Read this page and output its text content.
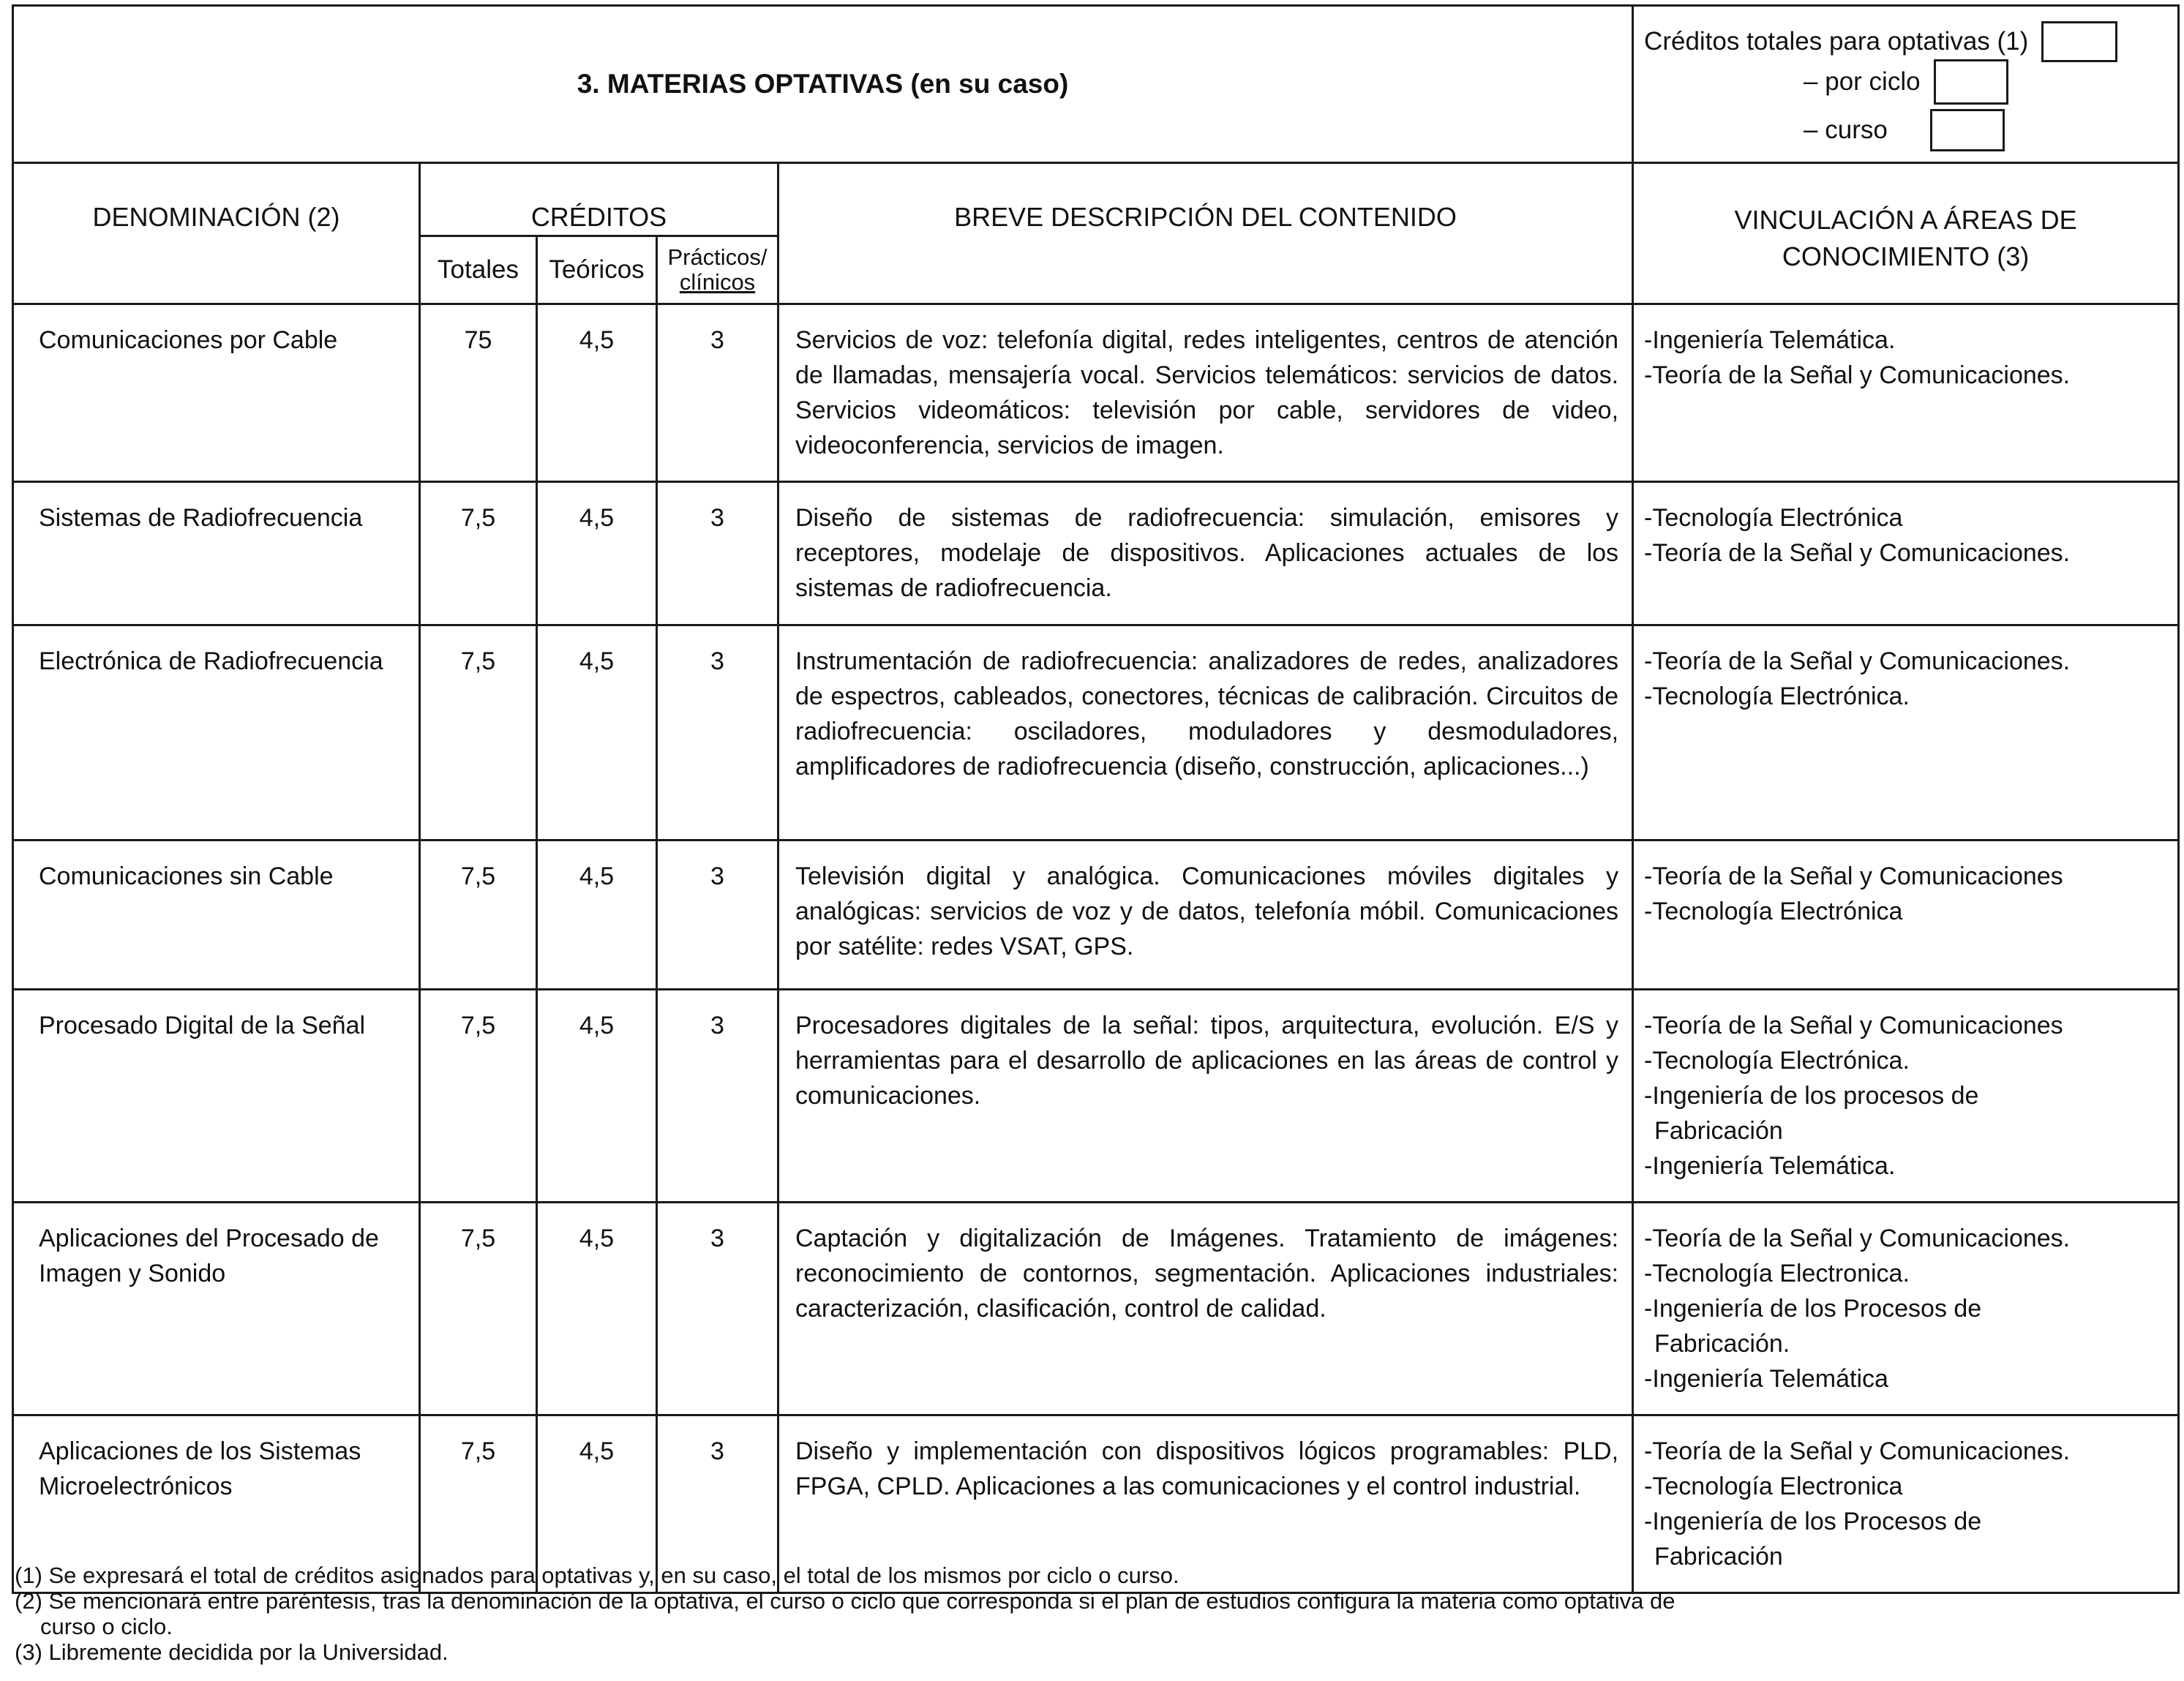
3. MATERIAS OPTATIVAS (en su caso)					Créditos totales para optativas (1)
– por ciclo
– curso

DENOMINACIÓN (2)	CRÉDITOS			BREVE DESCRIPCIÓN DEL CONTENIDO	VINCULACIÓN A ÁREAS DE
CONOCIMIENTO (3)

	Totales	Teóricos	Prácticos/
clínicos		

Comunicaciones por Cable	75	4,5	3	Servicios de voz: telefonía digital, redes inteligentes, centros de atención de llamadas, mensajería vocal. Servicios telemáticos: servicios de datos. Servicios videomáticos: televisión por cable, servidores de video, videoconferencia, servicios de imagen.	-Ingeniería Telemática.
-Teoría de la Señal y Comunicaciones.

Sistemas de Radiofrecuencia	7,5	4,5	3	Diseño de sistemas de radiofrecuencia: simulación, emisores y receptores, modelaje de dispositivos. Aplicaciones actuales de los sistemas de radiofrecuencia.	-Tecnología Electrónica
-Teoría de la Señal y Comunicaciones.

Electrónica de Radiofrecuencia	7,5	4,5	3	Instrumentación de radiofrecuencia: analizadores de redes, analizadores de espectros, cableados, conectores, técnicas de calibración. Circuitos de radiofrecuencia: osciladores, moduladores y desmoduladores, amplificadores de radiofrecuencia (diseño, construcción, aplicaciones...)	-Teoría de la Señal y Comunicaciones.
-Tecnología Electrónica.

Comunicaciones sin Cable	7,5	4,5	3	Televisión digital y analógica. Comunicaciones móviles digitales y analógicas: servicios de voz y de datos, telefonía móbil. Comunicaciones por satélite: redes VSAT, GPS.	-Teoría de la Señal y Comunicaciones
-Tecnología Electrónica

Procesado Digital de la Señal	7,5	4,5	3	Procesadores digitales de la señal: tipos, arquitectura, evolución. E/S y herramientas para el desarrollo de aplicaciones en las áreas de control y comunicaciones.	-Teoría de la Señal y Comunicaciones
-Tecnología Electrónica.
-Ingeniería de los procesos de
Fabricación
-Ingeniería Telemática.

Aplicaciones del Procesado de Imagen y Sonido	7,5	4,5	3	Captación y digitalización de Imágenes. Tratamiento de imágenes: reconocimiento de contornos, segmentación. Aplicaciones industriales: caracterización, clasificación, control de calidad.	-Teoría de la Señal y Comunicaciones.
-Tecnología Electronica.
-Ingeniería de los Procesos de
Fabricación.
-Ingeniería Telemática

Aplicaciones de los Sistemas Microelectrónicos	7,5	4,5	3	Diseño y implementación con dispositivos lógicos programables: PLD, FPGA, CPLD. Aplicaciones a las comunicaciones y el control industrial.	-Teoría de la Señal y Comunicaciones.
-Tecnología Electronica
-Ingeniería de los Procesos de
Fabricación
(1) Se expresará el total de créditos asignados para optativas y, en su caso, el total de los mismos por ciclo o curso.
(2) Se mencionará entre paréntesis, tras la denominación de la optativa, el curso o ciclo que corresponda si el plan de estudios configura la materia como optativa de
curso o ciclo.
(3) Libremente decidida por la Universidad.
